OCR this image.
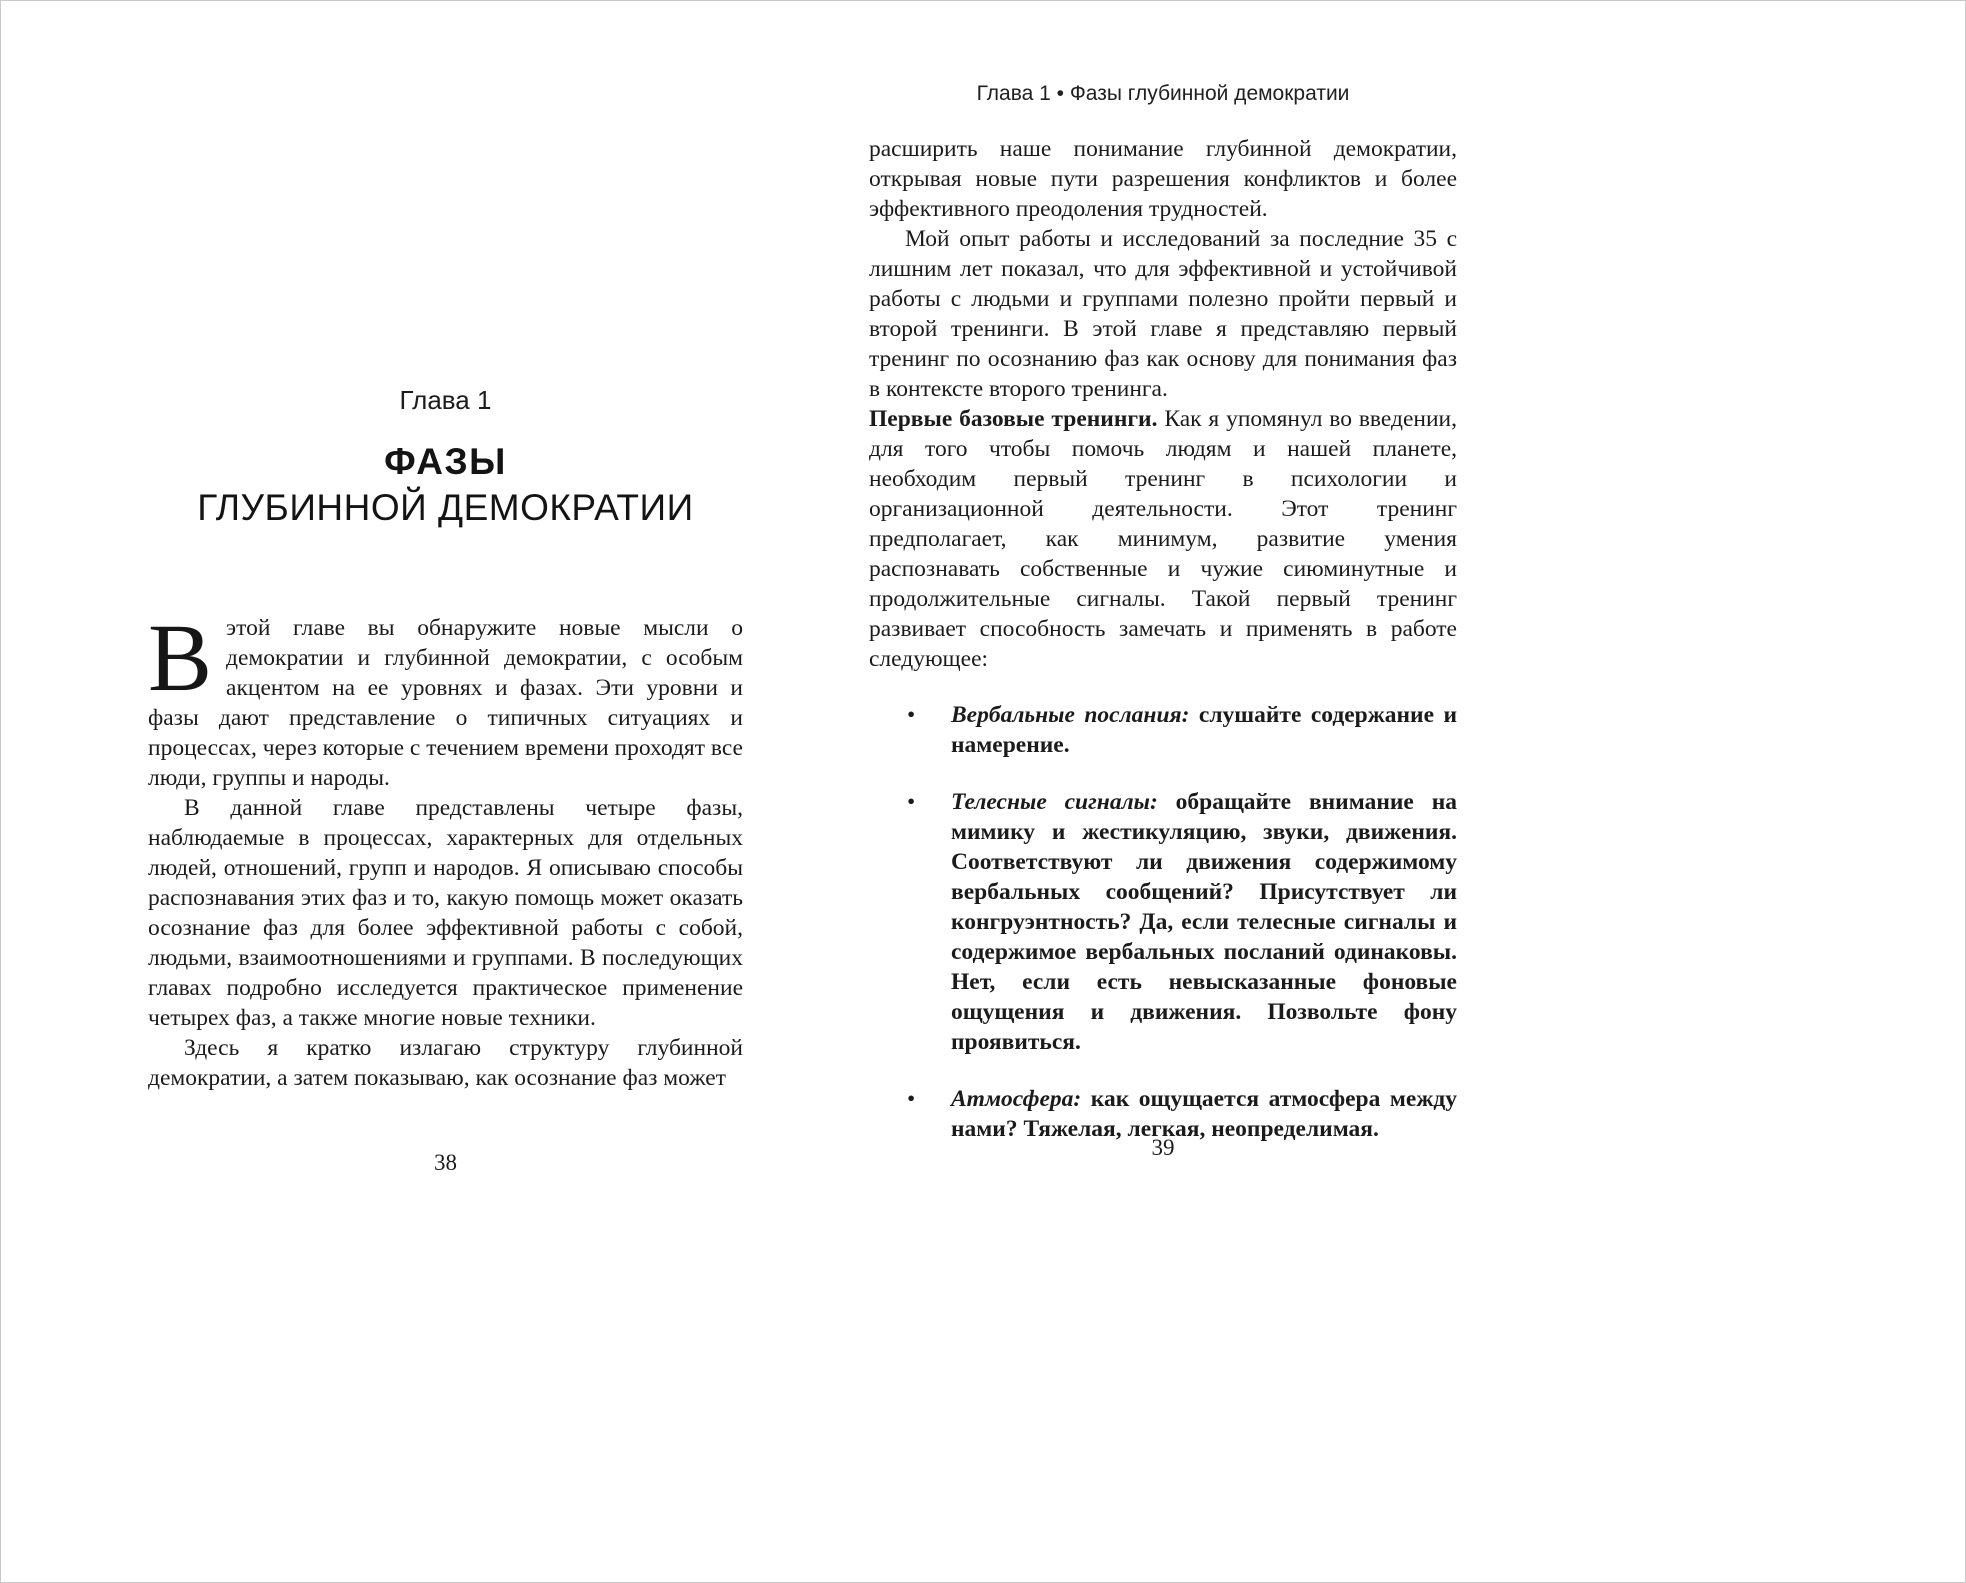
Глава 1
ФАЗЫ
ГЛУБИННОЙ ДЕМОКРАТИИ

Вэтой главе вы обнаружите новые мысли о демократии и глубинной демократии, с особым акцентом на ее уровнях и фазах. Эти уровни и фазы дают представление о типичных ситуациях и процессах, через которые с течением времени проходят все люди, группы и народы.

В данной главе представлены четыре фазы, наблюдаемые в процессах, характерных для отдельных людей, отношений, групп и народов. Я описываю способы распознавания этих фаз и то, какую помощь может оказать осознание фаз для более эффективной работы с собой, людьми, взаимоотношениями и группами. В последующих главах подробно исследуется практическое применение четырех фаз, а также многие новые техники.

Здесь я кратко излагаю структуру глубинной демократии, а затем показываю, как осознание фаз может

38
Глава 1 • Фазы глубинной демократии

расширить наше понимание глубинной демократии, открывая новые пути разрешения конфликтов и более эффективного преодоления трудностей.

Мой опыт работы и исследований за последние 35 с лишним лет показал, что для эффективной и устойчивой работы с людьми и группами полезно пройти первый и второй тренинги. В этой главе я представляю первый тренинг по осознанию фаз как основу для понимания фаз в контексте второго тренинга.

Первые базовые тренинги. Как я упомянул во введении, для того чтобы помочь людям и нашей планете, необходим первый тренинг в психологии и организационной деятельности. Этот тренинг предполагает, как минимум, развитие умения распознавать собственные и чужие сиюминутные и продолжительные сигналы. Такой первый тренинг развивает способность замечать и применять в работе следующее:

• Вербальные послания: слушайте содержание и намерение.

• Телесные сигналы: обращайте внимание на мимику и жестикуляцию, звуки, движения. Соответствуют ли движения содержимому вербальных сообщений? Присутствует ли конгруэнтность? Да, если телесные сигналы и содержимое вербальных посланий одинаковы. Нет, если есть невысказанные фоновые ощущения и движения. Позвольте фону проявиться.

• Атмосфера: как ощущается атмосфера между нами? Тяжелая, легкая, неопределимая.

39
